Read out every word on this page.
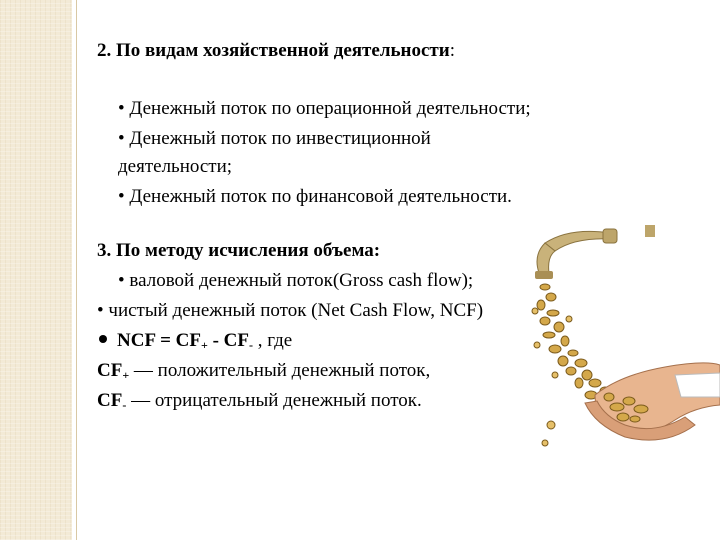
2. По видам хозяйственной деятельности:
• Денежный поток по операционной деятельности;
• Денежный поток по инвестиционной
деятельности;
• Денежный поток по финансовой деятельности.
3. По методу исчисления объема:
• валовой денежный поток(Gross cash flow);
• чистый денежный поток (Net Cash Flow, NCF)
NCF = $CF_+ - CF_-$ , где
$CF_+$ — положительный денежный поток,
$CF_-$ — отрицательный денежный поток.
